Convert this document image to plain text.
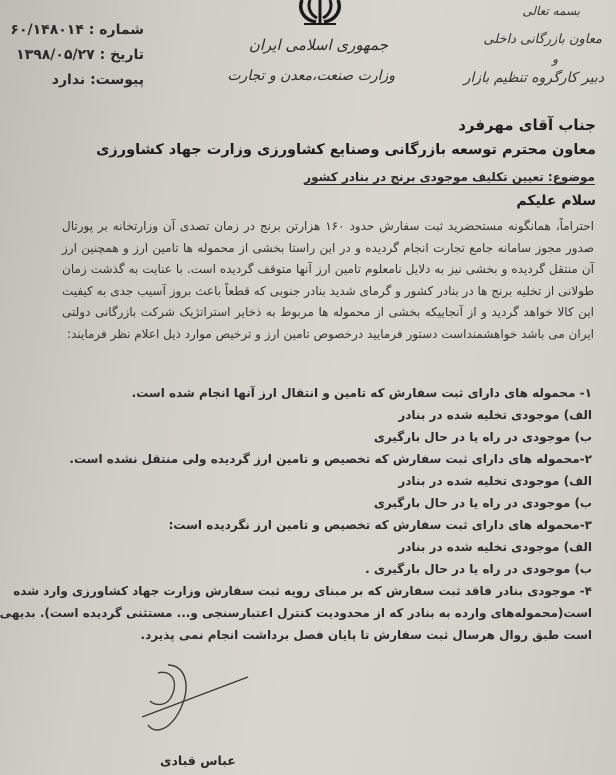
شماره : ۶۰/۱۴۸۰۱۴
تاریخ : ۱۳۹۸/۰۵/۲۷
پیوست: ندارد
جمهوری اسلامی ایران
وزارت صنعت،معدن و تجارت
بسمه تعالی
معاون بازرگانی داخلی
و
دبیر کارگروه تنظیم بازار
جناب آقای مهرفرد
معاون محترم توسعه بازرگانی وصنایع کشاورزی وزارت جهاد کشاورزی
موضوع: تعیین تکلیف موجودی برنج در بنادر کشور
سلام علیکم
احتراماً، همانگونه مستحضرید ثبت سفارش حدود ۱۶۰ هزارتن برنج در زمان تصدی آن وزارتخانه بر پورتال صدور مجوز سامانه جامع تجارت انجام گردیده و در این راستا بخشی از محموله ها تامین ارز و همچنین ارز آن منتقل گردیده و بخشی نیز به دلایل نامعلوم تامین ارز آنها متوقف گردیده است. با عنایت به گذشت زمان طولانی از تخلیه برنج ها در بنادر کشور و گرمای شدید بنادر جنوبی که قطعاً باعث بروز آسیب جدی به کیفیت این کالا خواهد گردید و از آنجاییکه بخشی از محموله ها مربوط به ذخایر استراتژیک شرکت بازرگانی دولتی ایران می باشد خواهشمنداست دستور فرمایید درخصوص تامین ارز و ترخیص موارد ذیل اعلام نظر فرمایند:
۱- محموله های دارای ثبت سفارش که تامین و انتقال ارز آنها انجام شده است.
الف) موجودی تخلیه شده در بنادر
ب) موجودی در راه یا در حال بارگیری
۲-محموله های دارای ثبت سفارش که تخصیص و تامین ارز گردیده ولی منتقل نشده است.
الف) موجودی تخلیه شده در بنادر
ب) موجودی در راه یا در حال بارگیری
۳-محموله های دارای ثبت سفارش که تخصیص و تامین ارز نگردیده است:
الف) موجودی تخلیه شده در بنادر
ب) موجودی در راه یا در حال بارگیری .
۴- موجودی بنادر فاقد ثبت سفارش که بر مبنای رویه ثبت سفارش وزارت جهاد کشاورزی وارد شده
است(محموله‌های وارده به بنادر که از محدودیت کنترل اعتبارسنجی و... مستثنی گردیده است). بدیهی
است طبق روال هرسال ثبت سفارش تا پایان فصل برداشت انجام نمی پذیرد.
عباس قبادی
